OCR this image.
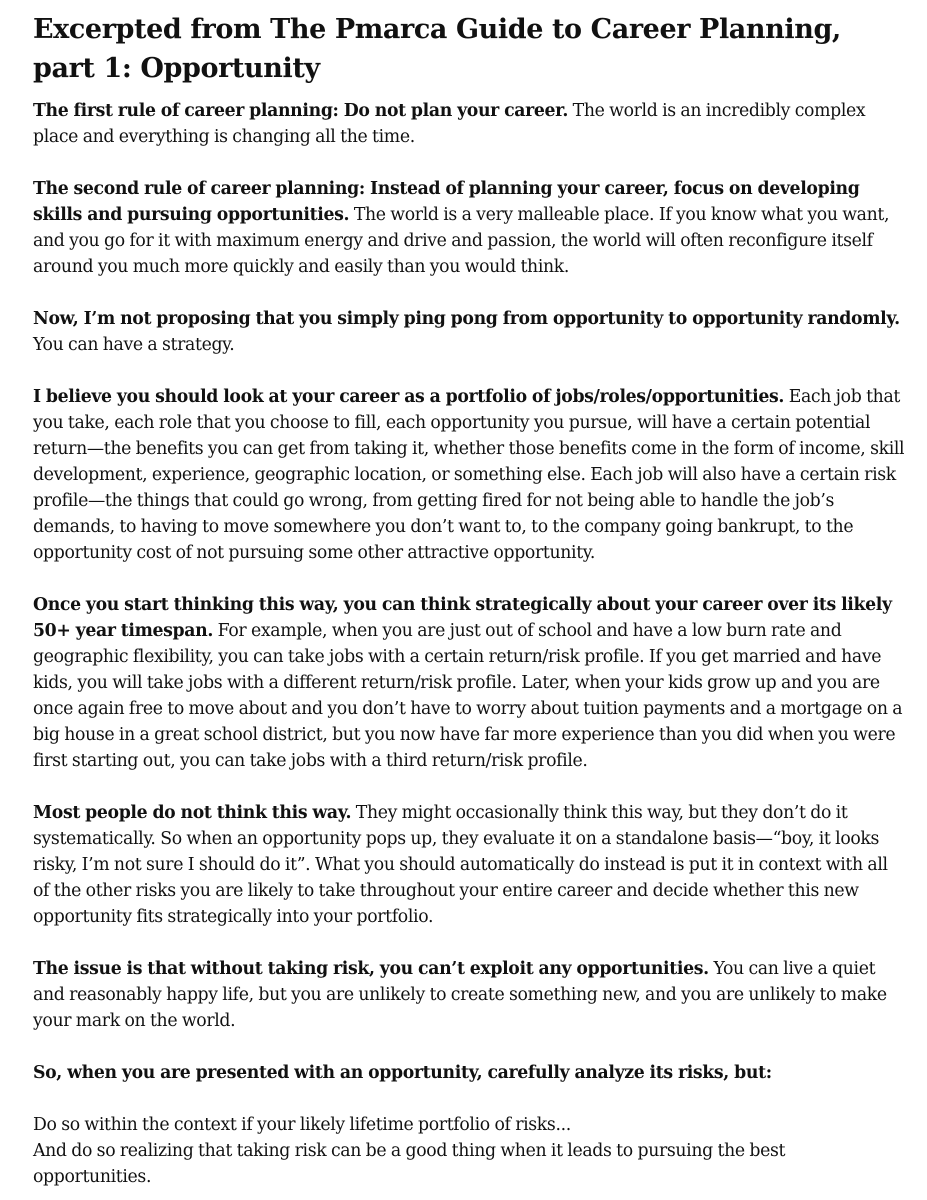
Excerpted from The Pmarca Guide to Career Planning, part 1: Opportunity

The first rule of career planning: Do not plan your career. The world is an incredibly complex place and everything is changing all the time.

The second rule of career planning: Instead of planning your career, focus on developing skills and pursuing opportunities. The world is a very malleable place. If you know what you want, and you go for it with maximum energy and drive and passion, the world will often reconfigure itself around you much more quickly and easily than you would think.

Now, I’m not proposing that you simply ping pong from opportunity to opportunity randomly. You can have a strategy.

I believe you should look at your career as a portfolio of jobs/roles/opportunities. Each job that you take, each role that you choose to fill, each opportunity you pursue, will have a certain potential return—the benefits you can get from taking it, whether those benefits come in the form of income, skill development, experience, geographic location, or something else. Each job will also have a certain risk profile—the things that could go wrong, from getting fired for not being able to handle the job’s demands, to having to move somewhere you don’t want to, to the company going bankrupt, to the opportunity cost of not pursuing some other attractive opportunity.

Once you start thinking this way, you can think strategically about your career over its likely 50+ year timespan. For example, when you are just out of school and have a low burn rate and geographic flexibility, you can take jobs with a certain return/risk profile. If you get married and have kids, you will take jobs with a different return/risk profile. Later, when your kids grow up and you are once again free to move about and you don’t have to worry about tuition payments and a mortgage on a big house in a great school district, but you now have far more experience than you did when you were first starting out, you can take jobs with a third return/risk profile.

Most people do not think this way. They might occasionally think this way, but they don’t do it systematically. So when an opportunity pops up, they evaluate it on a standalone basis—“boy, it looks risky, I’m not sure I should do it”. What you should automatically do instead is put it in context with all of the other risks you are likely to take throughout your entire career and decide whether this new opportunity fits strategically into your portfolio.

The issue is that without taking risk, you can’t exploit any opportunities. You can live a quiet and reasonably happy life, but you are unlikely to create something new, and you are unlikely to make your mark on the world.

So, when you are presented with an opportunity, carefully analyze its risks, but:

Do so within the context if your likely lifetime portfolio of risks...

And do so realizing that taking risk can be a good thing when it leads to pursuing the best opportunities.
